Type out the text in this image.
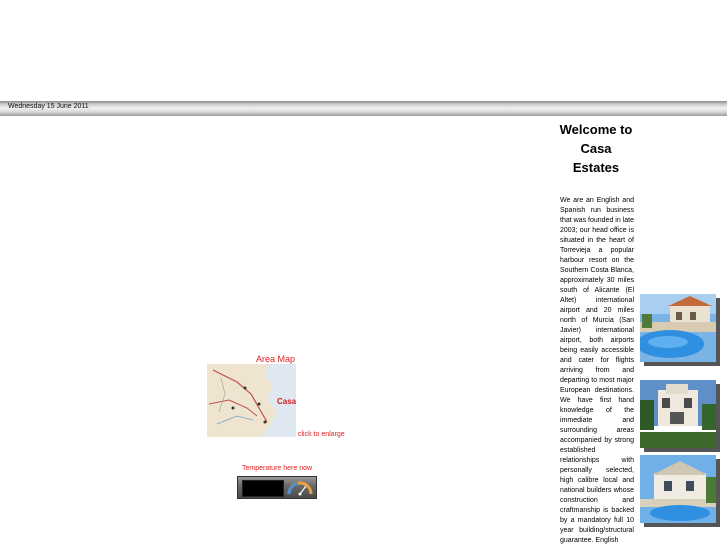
Wednesday 15 June 2011
Welcome to Casa Estates
We are an English and Spanish run business that was founded in late 2003; our head office is situated in the heart of Torrevieja a popular harbour resort on the Southern Costa Blanca, approximately 30 miles south of Alicante (El Altet) international airport and 20 miles north of Murcia (San Javier) international airport, both airports being easily accessible and cater for flights arriving from and departing to most major European destinations. We have first hand knowledge of the immediate and surrounding areas accompanied by strong established relationships with personally selected, high calibre local and national builders whose construction and craftmanship is backed by a mandatory full 10 year building/structural guarantee. English
Area Map
Casa
click to enlarge
Temperature here now
